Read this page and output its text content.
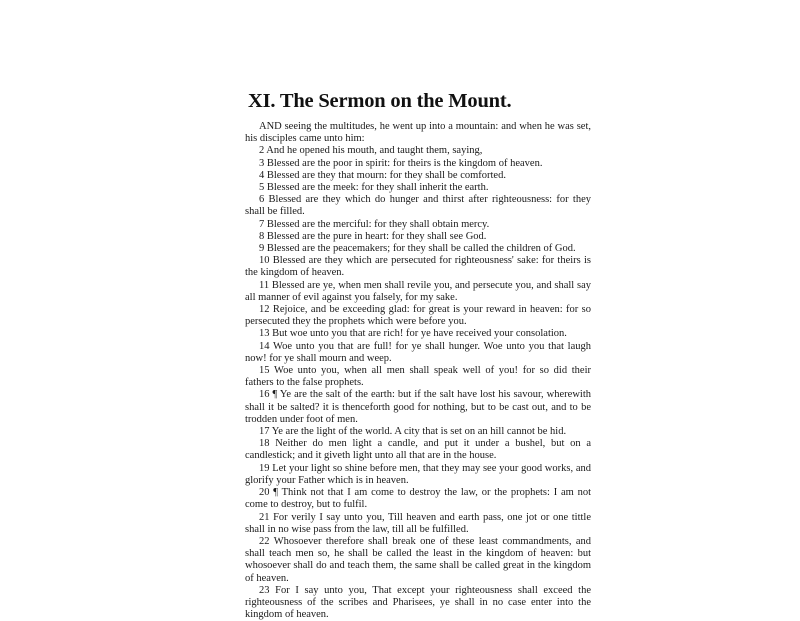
XI. The Sermon on the Mount.

AND seeing the multitudes, he went up into a mountain: and when he was set, his disciples came unto him:

2 And he opened his mouth, and taught them, saying,

3 Blessed are the poor in spirit: for theirs is the kingdom of heaven.

4 Blessed are they that mourn: for they shall be comforted.

5 Blessed are the meek: for they shall inherit the earth.

6 Blessed are they which do hunger and thirst after righteousness: for they shall be filled.

7 Blessed are the merciful: for they shall obtain mercy.

8 Blessed are the pure in heart: for they shall see God.

9 Blessed are the peacemakers; for they shall be called the children of God.

10 Blessed are they which are persecuted for righteousness' sake: for theirs is the kingdom of heaven.

11 Blessed are ye, when men shall revile you, and persecute you, and shall say all manner of evil against you falsely, for my sake.

12 Rejoice, and be exceeding glad: for great is your reward in heaven: for so persecuted they the prophets which were before you.

13 But woe unto you that are rich! for ye have received your consolation.

14 Woe unto you that are full! for ye shall hunger. Woe unto you that laugh now! for ye shall mourn and weep.

15 Woe unto you, when all men shall speak well of you! for so did their fathers to the false prophets.

16 ¶ Ye are the salt of the earth: but if the salt have lost his savour, wherewith shall it be salted? it is thenceforth good for nothing, but to be cast out, and to be trodden under foot of men.

17 Ye are the light of the world. A city that is set on an hill cannot be hid.

18 Neither do men light a candle, and put it under a bushel, but on a candlestick; and it giveth light unto all that are in the house.

19 Let your light so shine before men, that they may see your good works, and glorify your Father which is in heaven.

20 ¶ Think not that I am come to destroy the law, or the prophets: I am not come to destroy, but to fulfil.

21 For verily I say unto you, Till heaven and earth pass, one jot or one tittle shall in no wise pass from the law, till all be fulfilled.

22 Whosoever therefore shall break one of these least commandments, and shall teach men so, he shall be called the least in the kingdom of heaven: but whosoever shall do and teach them, the same shall be called great in the kingdom of heaven.

23 For I say unto you, That except your righteousness shall exceed the righteousness of the scribes and Pharisees, ye shall in no case enter into the kingdom of heaven.
